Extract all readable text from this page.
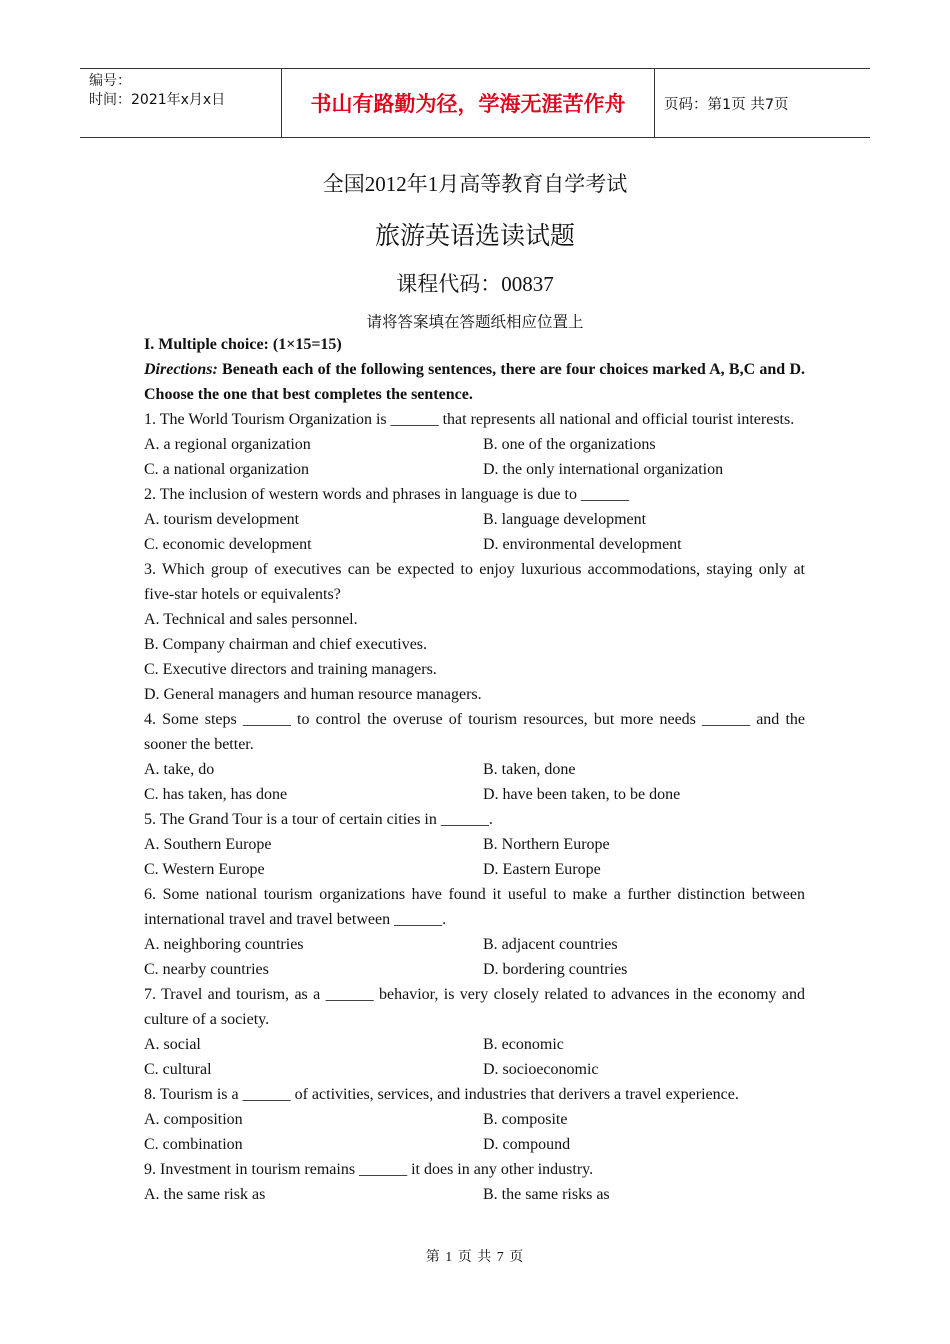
编号：
时间：2021年x月x日	书山有路勤为径，学海无涯苦作舟	页码：第1页 共7页
全国2012年1月高等教育自学考试
旅游英语选读试题
课程代码：00837
请将答案填在答题纸相应位置上

I. Multiple choice: (1×15=15)

Directions: Beneath each of the following sentences, there are four choices marked A, B,C and D. Choose the one that best completes the sentence.

1. The World Tourism Organization is ______ that represents all national and official tourist interests.

A. a regional organization	B. one of the organizations
C. a national organization	D. the only international organization

2. The inclusion of western words and phrases in language is due to ______

A. tourism development	B. language development
C. economic development	D. environmental development

3. Which group of executives can be expected to enjoy luxurious accommodations, staying only at five-star hotels or equivalents?

A. Technical and sales personnel.

B. Company chairman and chief executives.

C. Executive directors and training managers.

D. General managers and human resource managers.

4. Some steps ______ to control the overuse of tourism resources, but more needs ______ and the sooner the better.

A. take, do	B. taken, done
C. has taken, has done	D. have been taken, to be done

5. The Grand Tour is a tour of certain cities in ______.

A. Southern Europe	B. Northern Europe
C. Western Europe	D. Eastern Europe

6. Some national tourism organizations have found it useful to make a further distinction between international travel and travel between ______.

A. neighboring countries	B. adjacent countries
C. nearby countries	D. bordering countries

7. Travel and tourism, as a ______ behavior, is very closely related to advances in the economy and culture of a society.

A. social	B. economic
C. cultural	D. socioeconomic

8. Tourism is a ______ of activities, services, and industries that derivers a travel experience.

A. composition	B. composite
C. combination	D. compound

9. Investment in tourism remains ______ it does in any other industry.

A. the same risk as	B. the same risks as
第 1 页 共 7 页
